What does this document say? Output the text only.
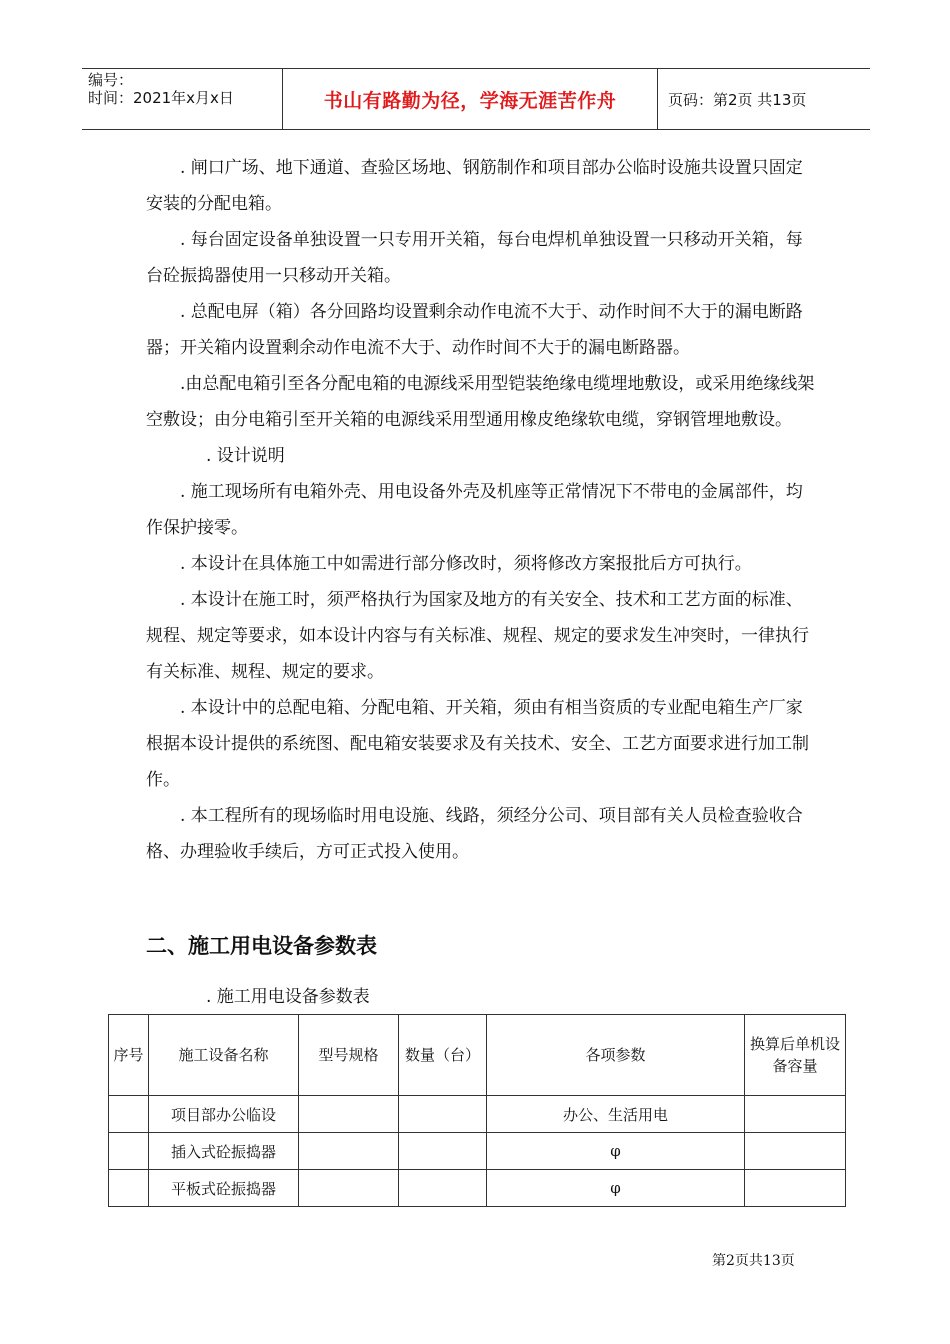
编号：
时间：2021年x月x日	书山有路勤为径，学海无涯苦作舟	页码：第2页 共13页

. 闸口广场、地下通道、查验区场地、钢筋制作和项目部办公临时设施共设置只固定安装的分配电箱。

. 每台固定设备单独设置一只专用开关箱，每台电焊机单独设置一只移动开关箱，每台砼振捣器使用一只移动开关箱。

. 总配电屏（箱）各分回路均设置剩余动作电流不大于、动作时间不大于的漏电断路器；开关箱内设置剩余动作电流不大于、动作时间不大于的漏电断路器。

.由总配电箱引至各分配电箱的电源线采用型铠装绝缘电缆埋地敷设，或采用绝缘线架空敷设；由分电箱引至开关箱的电源线采用型通用橡皮绝缘软电缆，穿钢管埋地敷设。

. 设计说明

. 施工现场所有电箱外壳、用电设备外壳及机座等正常情况下不带电的金属部件，均作保护接零。

. 本设计在具体施工中如需进行部分修改时，须将修改方案报批后方可执行。

. 本设计在施工时，须严格执行为国家及地方的有关安全、技术和工艺方面的标准、规程、规定等要求，如本设计内容与有关标准、规程、规定的要求发生冲突时，一律执行有关标准、规程、规定的要求。

. 本设计中的总配电箱、分配电箱、开关箱，须由有相当资质的专业配电箱生产厂家根据本设计提供的系统图、配电箱安装要求及有关技术、安全、工艺方面要求进行加工制作。

. 本工程所有的现场临时用电设施、线路，须经分公司、项目部有关人员检查验收合格、办理验收手续后，方可正式投入使用。

二、施工用电设备参数表
. 施工用电设备参数表
序号	施工设备名称	型号规格	数量（台）	各项参数	换算后单机设备容量
	项目部办公临设			办公、生活用电	
	插入式砼振捣器			φ	
	平板式砼振捣器			φ	
第2页共13页
